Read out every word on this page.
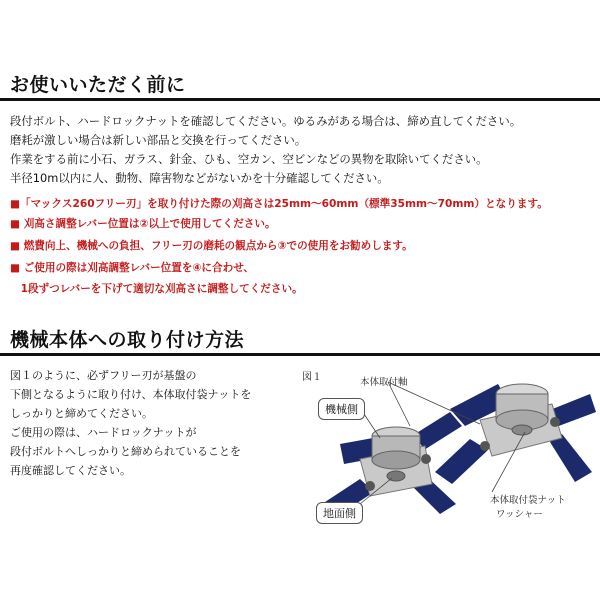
お使いいただく前に
段付ボルト、ハードロックナットを確認してください。ゆるみがある場合は、締め直してください。
磨耗が激しい場合は新しい部品と交換を行ってください。
作業をする前に小石、ガラス、針金、ひも、空カン、空ビンなどの異物を取除いてください。
半径10m以内に人、動物、障害物などがないかを十分確認してください。
■「マックス260フリー刃」を取り付けた際の刈高さは25mm～60mm（標準35mm～70mm）となります。
■ 刈高さ調整レバー位置は②以上で使用してください。
■ 燃費向上、機械への負担、フリー刃の磨耗の観点から③での使用をお勧めします。
■ ご使用の際は刈高調整レバー位置を④に合わせ、
　1段ずつレバーを下げて適切な刈高さに調整してください。
機械本体への取り付け方法
図１のように、必ずフリー刃が基盤の
下側となるように取り付け、本体取付袋ナットを
しっかりと締めてください。
ご使用の際は、ハードロックナットが
段付ボルトへしっかりと締められていることを
再度確認してください。
図１	本体取付軸
機械側
地面側
本体取付袋ナット
ワッシャー
